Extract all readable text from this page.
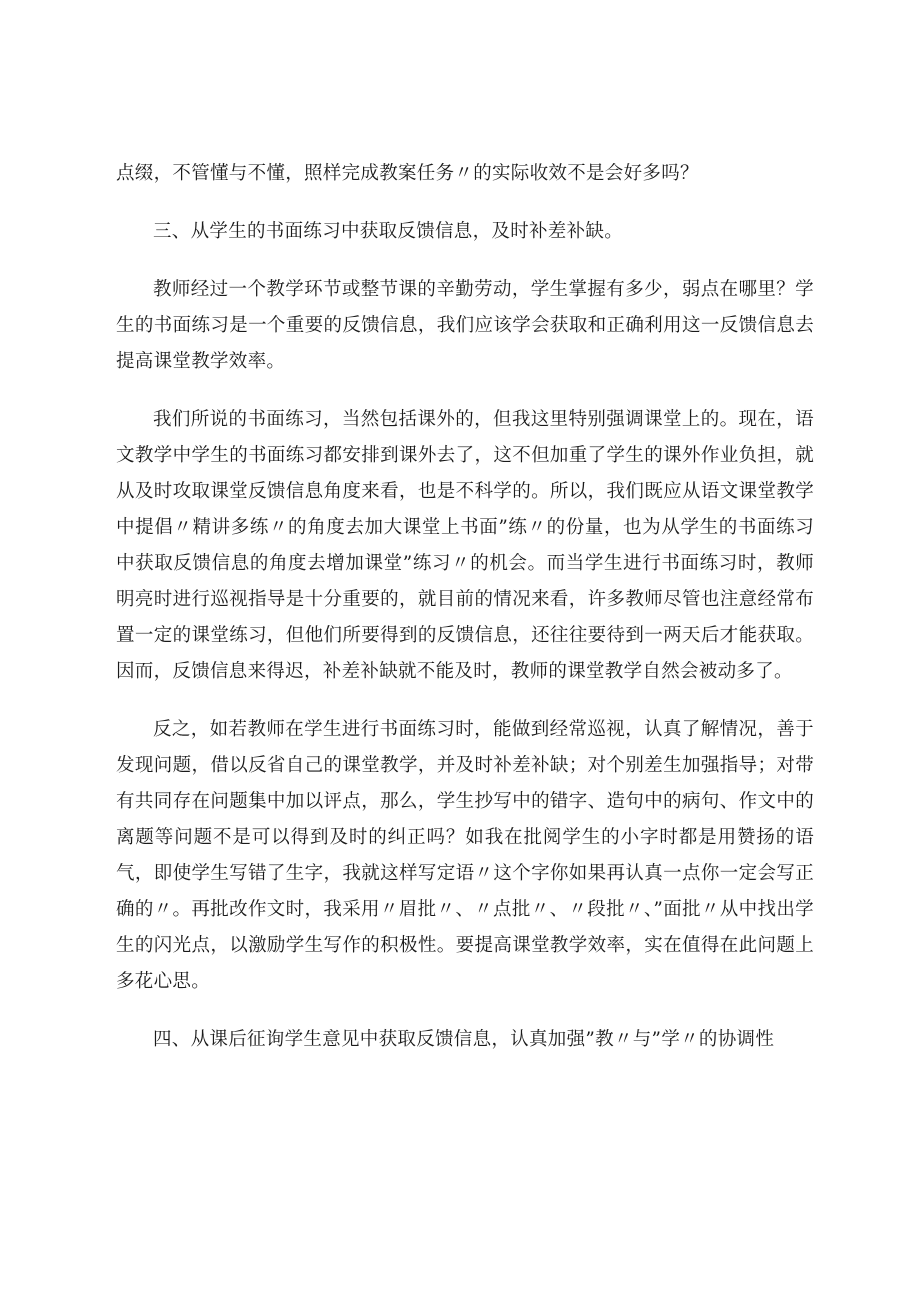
点缀，不管懂与不懂，照样完成教案任务〃的实际收效不是会好多吗？

三、从学生的书面练习中获取反馈信息，及时补差补缺。

教师经过一个教学环节或整节课的辛勤劳动，学生掌握有多少，弱点在哪里？学生的书面练习是一个重要的反馈信息，我们应该学会获取和正确利用这一反馈信息去提高课堂教学效率。

我们所说的书面练习，当然包括课外的，但我这里特别强调课堂上的。现在，语文教学中学生的书面练习都安排到课外去了，这不但加重了学生的课外作业负担，就从及时攻取课堂反馈信息角度来看，也是不科学的。所以，我们既应从语文课堂教学中提倡〃精讲多练〃的角度去加大课堂上书面”练〃的份量，也为从学生的书面练习中获取反馈信息的角度去增加课堂”练习〃的机会。而当学生进行书面练习时，教师明亮时进行巡视指导是十分重要的，就目前的情况来看，许多教师尽管也注意经常布置一定的课堂练习，但他们所要得到的反馈信息，还往往要待到一两天后才能获取。因而，反馈信息来得迟，补差补缺就不能及时，教师的课堂教学自然会被动多了。

反之，如若教师在学生进行书面练习时，能做到经常巡视，认真了解情况，善于发现问题，借以反省自己的课堂教学，并及时补差补缺；对个别差生加强指导；对带有共同存在问题集中加以评点，那么，学生抄写中的错字、造句中的病句、作文中的离题等问题不是可以得到及时的纠正吗？如我在批阅学生的小字时都是用赞扬的语气，即使学生写错了生字，我就这样写定语〃这个字你如果再认真一点你一定会写正确的〃。再批改作文时，我采用〃眉批〃、〃点批〃、〃段批〃、”面批〃从中找出学生的闪光点，以激励学生写作的积极性。要提高课堂教学效率，实在值得在此问题上多花心思。

四、从课后征询学生意见中获取反馈信息，认真加强”教〃与”学〃的协调性
